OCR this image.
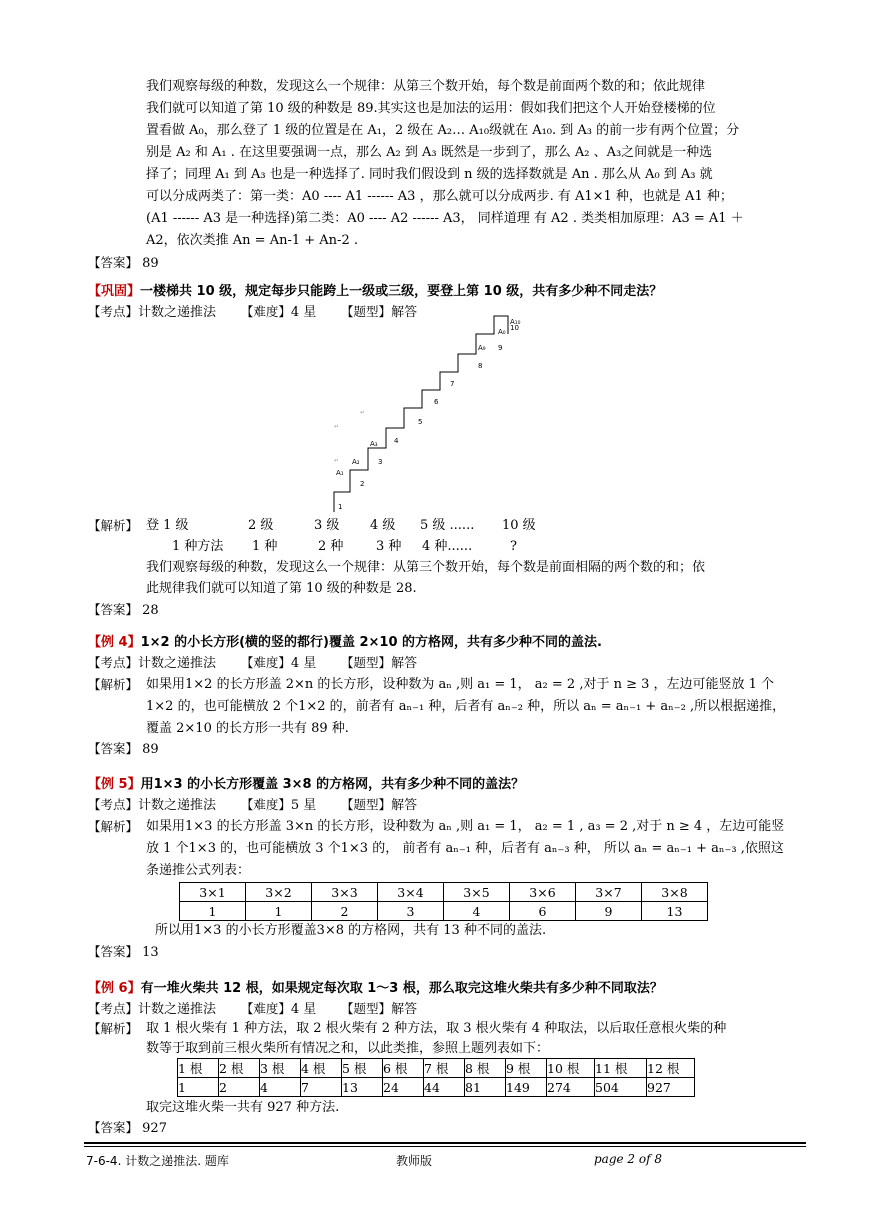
我们观察每级的种数，发现这么一个规律：从第三个数开始，每个数是前面两个数的和；依此规律
我们就可以知道了第 10 级的种数是 89.其实这也是加法的运用：假如我们把这个人开始登楼梯的位
置看做 A₀，那么登了 1 级的位置是在 A₁，2 级在 A₂… A₁₀级就在 A₁₀. 到 A₃ 的前一步有两个位置；分
别是 A₂ 和 A₁ . 在这里要强调一点，那么 A₂ 到 A₃ 既然是一步到了，那么 A₂ 、A₃之间就是一种选
择了；同理 A₁ 到 A₃ 也是一种选择了. 同时我们假设到 n 级的选择数就是 An . 那么从 A₀ 到 A₃ 就
可以分成两类了：第一类：A0 ---- A1 ------ A3 ，那么就可以分成两步. 有 A1×1 种，也就是 A1 种；
(A1 ------ A3 是一种选择)第二类：A0 ---- A2 ------ A3， 同样道理 有 A2 . 类类相加原理：A3 = A1 ＋
A2，依次类推 An = An-1 + An-2 .
【答案】 89
【巩固】一楼梯共 10 级，规定每步只能跨上一级或三级，要登上第 10 级，共有多少种不同走法？
【考点】计数之递推法 【难度】4 星 【题型】解答
1
2
3
4
5
6
7
8
9
10
A₀
A₁
A₂
A₃
A₉
A₁₀
↵
↵
↵
【解析】 登 1 级	2 级	3 级 4 级 5 级 ...... 10 级
1 种方法 1 种	2 种	3 种 4 种......	?
我们观察每级的种数，发现这么一个规律：从第三个数开始，每个数是前面相隔的两个数的和；依
此规律我们就可以知道了第 10 级的种数是 28.
【答案】 28
【例 4】1×2 的小长方形(横的竖的都行)覆盖 2×10 的方格网，共有多少种不同的盖法.
【考点】计数之递推法 【难度】4 星 【题型】解答
【解析】 如果用1×2 的长方形盖 2×n 的长方形，设种数为 aₙ ,则 a₁ = 1， a₂ = 2 ,对于 n ≥ 3 ，左边可能竖放 1 个
1×2 的，也可能横放 2 个1×2 的，前者有 aₙ₋₁ 种，后者有 aₙ₋₂ 种，所以 aₙ = aₙ₋₁ + aₙ₋₂ ,所以根据递推，
覆盖 2×10 的长方形一共有 89 种.
【答案】 89
【例 5】用1×3 的小长方形覆盖 3×8 的方格网，共有多少种不同的盖法？
【考点】计数之递推法 【难度】5 星 【题型】解答
【解析】 如果用1×3 的长方形盖 3×n 的长方形，设种数为 aₙ ,则 a₁ = 1， a₂ = 1 , a₃ = 2 ,对于 n ≥ 4 ，左边可能竖
放 1 个1×3 的，也可能横放 3 个1×3 的， 前者有 aₙ₋₁ 种，后者有 aₙ₋₃ 种， 所以 aₙ = aₙ₋₁ + aₙ₋₃ ,依照这
条递推公式列表：
3×1	3×2	3×3	3×4	3×5	3×6	3×7	3×8
1	1	2	3	4	6	9	13
所以用1×3 的小长方形覆盖3×8 的方格网，共有 13 种不同的盖法.
【答案】 13
【例 6】有一堆火柴共 12 根，如果规定每次取 1～3 根，那么取完这堆火柴共有多少种不同取法？
【考点】计数之递推法 【难度】4 星 【题型】解答
【解析】 取 1 根火柴有 1 种方法，取 2 根火柴有 2 种方法，取 3 根火柴有 4 种取法，以后取任意根火柴的种
数等于取到前三根火柴所有情况之和，以此类推，参照上题列表如下：
1 根	2 根	3 根	4 根	5 根	6 根	7 根	8 根	9 根	10 根	11 根	12 根
1	2	4	7	13	24	44	81	149	274	504	927
取完这堆火柴一共有 927 种方法.
【答案】 927
7-6-4. 计数之递推法. 题库	教师版	page 2 of 8
